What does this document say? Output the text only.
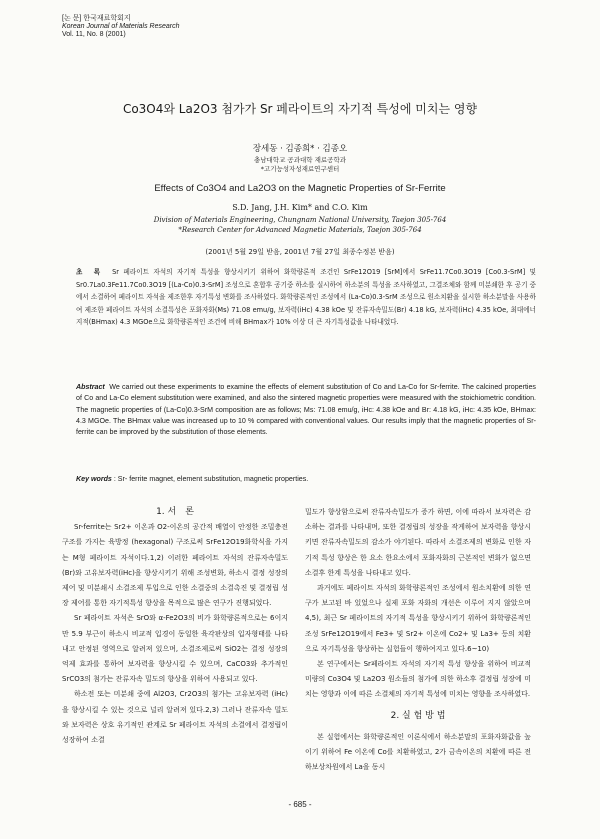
[논 문] 한국재료학회지
Korean Journal of Materials Research
Vol. 11, No. 8 (2001)
Co3O4와 La2O3 첨가가 Sr 페라이트의 자기적 특성에 미치는 영향
장세동 · 김종희* · 김종오
충남대학교 공과대학 재료공학과
*고기능성자성재료연구센터
Effects of Co3O4 and La2O3 on the Magnetic Properties of Sr-Ferrite
S.D. Jang, J.H. Kim* and C.O. Kim
Division of Materials Engineering, Chungnam National University, Taejon 305-764
*Research Center for Advanced Magnetic Materials, Taejon 305-764
(2001년 5월 29일 받음, 2001년 7월 27일 최종수정본 받음)
초　록 Sr 페라이트 자석의 자기적 특성을 향상시키기 위하여 화학량론적 조건인 SrFe12O19 [SrM]에서 SrFe11.7Co0.3O19 [Co0.3-SrM] 및 Sr0.7La0.3Fe11.7Co0.3O19 [(La-Co)0.3-SrM] 조성으로 혼합후 공기중 하소를 실시하여 하소분의 특성을 조사하였고, 그결조체와 함께 미분쇄한 후 공기 중에서 소결하여 페라이트 자석을 제조한후 자기특성 변화를 조사하였다. 화학량론적인 조성에서 (La-Co)0.3-SrM 조성으로 원소치환을 실시한 하소분말을 사용하여 제조한 페라이트 자석의 소결특성은 포화자화(Ms) 71.08 emu/g, 보자력(iHc) 4.38 kOe 및 잔류자속밀도(Br) 4.18 kG, 보자력(iHc) 4.35 kOe, 최대에너지적(BHmax) 4.3 MGOe으로 화학량론적인 조건에 비해 BHmax가 10% 이상 더 큰 자기특성값을 나타내었다.
Abstract We carried out these experiments to examine the effects of element substitution of Co and La-Co for Sr-ferrite. The calcined properties of Co and La-Co element substitution were examined, and also the sintered magnetic properties were measured with the stoichiometric condition. The magnetic properties of (La-Co)0.3-SrM composition are as follows; Ms: 71.08 emu/g, iHc: 4.38 kOe and Br: 4.18 kG, iHc: 4.35 kOe, BHmax: 4.3 MGOe. The BHmax value was increased up to 10 % compared with conventional values. Our results imply that the magnetic properties of Sr-ferrite can be improved by the substitution of those elements.
Key words : Sr- ferrite magnet, element substitution, magnetic properties.

1. 서　론

Sr-ferrite는 Sr2+ 이온과 O2-이온의 공간적 배열이 안정한 조밀충전구조를 가지는 육방정 (hexagonal) 구조로써 SrFe12O19화학식을 가지는 M형 페라이트 자석이다.1,2) 이러한 페라이트 자석의 잔류자속밀도(Br)와 고유보자력(iHc)을 향상시키기 위해 조성변화, 하소시 결정 성장의 제어 및 미분쇄시 소결조제 투입으로 인한 소결중의 소결촉진 및 결정립 성장 제어를 통한 자기적특성 향상을 목적으로 많은 연구가 진행되었다.

Sr 페라이트 자석은 SrO와 α-Fe2O3의 비가 화학량론적으로는 6이지만 5.9 부근이 하소시 비교적 입경이 동일한 육각판상의 입자형태를 나타내고 안정된 영역으로 알려져 있으며, 소결조제로써 SiO2는 결정 성장의 억제 효과를 통하여 보자력을 향상시킬 수 있으며, CaCO3와 추가적인 SrCO3의 첨가는 잔류자속 밀도의 향상을 위하여 사용되고 있다.

하소전 또는 미분쇄 중에 Al2O3, Cr2O3의 첨가는 고유보자력 (iHc)을 향상시킬 수 있는 것으로 널리 알려져 있다.2,3) 그러나 잔류자속 밀도와 보자력은 상호 유기적인 관계로 Sr 페라이트 자석의 소결에서 결정립이 성장하여 소결

밀도가 향상함으로써 잔류자속밀도가 증가 하면, 이에 따라서 보자력은 감소하는 결과를 나타내며, 또한 결정립의 성장을 작게하여 보자력을 향상시키면 잔류자속밀도의 감소가 야기된다. 따라서 소결조제의 변화로 인한 자기적 특성 향상은 한 요소 한요소에서 포화자화의 근본적인 변화가 없으면 소결후 한계 특성을 나타내고 있다.

과거에도 페라이트 자석의 화학량론적인 조성에서 원소치환에 의한 연구가 보고된 바 있었으나 실제 포화 자화의 개선은 이루어 지지 않았으며4,5), 최근 Sr 페라이트의 자기적 특성을 향상시키기 위하여 화학량론적인 조성 SrFe12O19에서 Fe3+ 및 Sr2+ 이온에 Co2+ 및 La3+ 등의 치환으로 자기특성을 향상하는 실험들이 행하여지고 있다.6~10)

본 연구에서는 Sr페라이트 자석의 자기적 특성 향상을 위하여 비교적 미량의 Co3O4 및 La2O3 원소들의 첨가에 의한 하소후 결정립 성장에 미치는 영향과 이에 따른 소결체의 자기적 특성에 미치는 영향을 조사하였다.

2. 실 험 방 법

본 실험에서는 화학량론적인 이론식에서 하소분말의 포화자화값을 높이기 위하여 Fe 이온에 Co를 치환하였고, 2가 금속이온의 치환에 따른 전하보상차원에서 La을 동시

- 685 -
